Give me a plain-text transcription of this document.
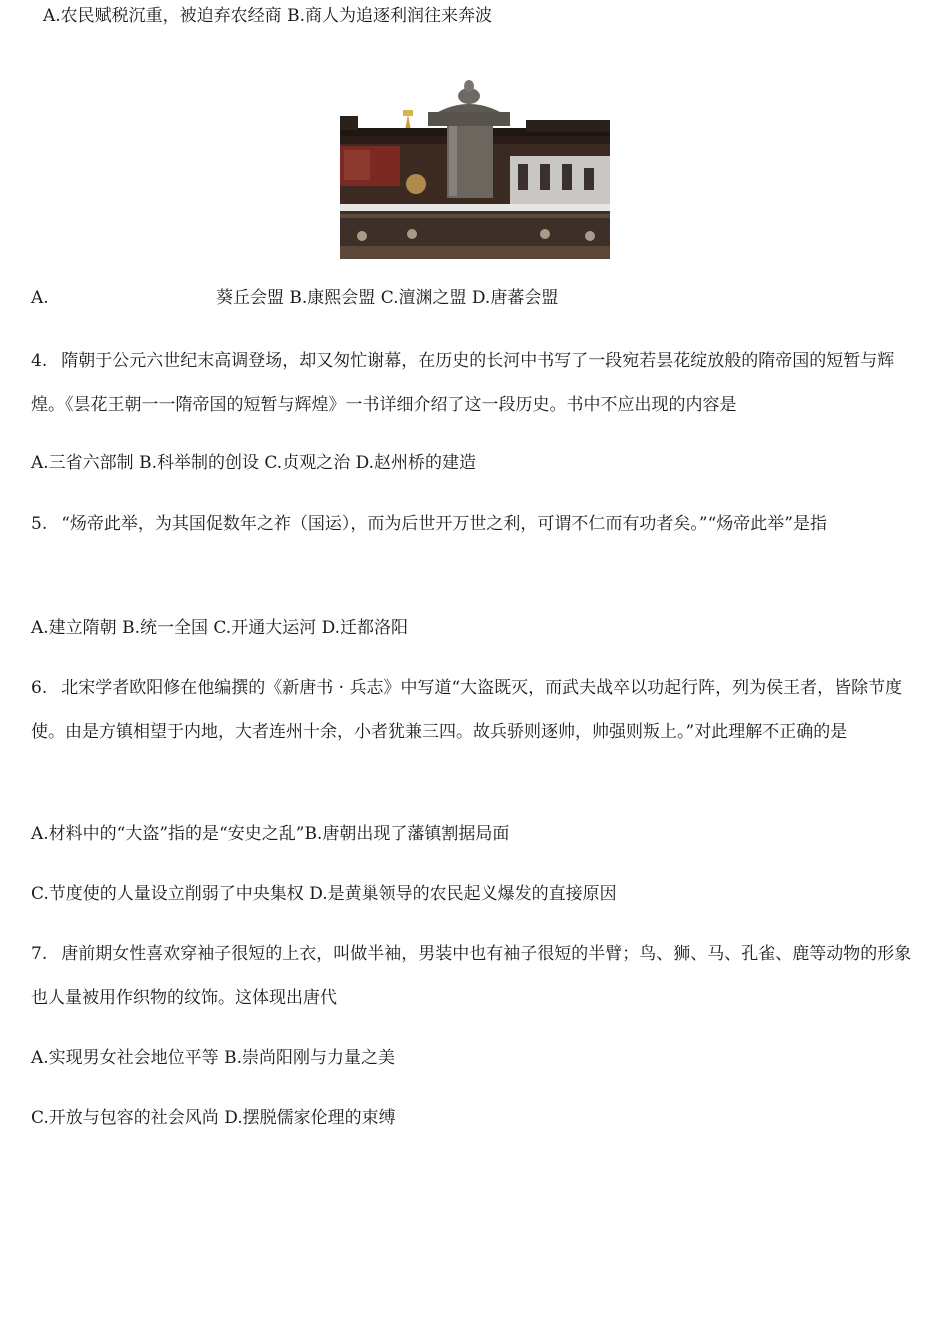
A.农民赋税沉重，被迫弃农经商 B.商人为追逐利润往来奔波
A.	葵丘会盟 B.康熙会盟 C.澶渊之盟 D.唐蕃会盟
4. 隋朝于公元六世纪末高调登场，却又匆忙谢幕，在历史的长河中书写了一段宛若昙花绽放般的隋帝国的短暂与辉煌。《昙花王朝一一隋帝国的短暂与辉煌》一书详细介绍了这一段历史。书中不应出现的内容是
A.三省六部制 B.科举制的创设 C.贞观之治 D.赵州桥的建造
5. “炀帝此举，为其国促数年之祚（国运），而为后世开万世之利，可谓不仁而有功者矣。”“炀帝此举”是指
A.建立隋朝 B.统一全国 C.开通大运河 D.迁都洛阳
6. 北宋学者欧阳修在他编撰的《新唐书 · 兵志》中写道“大盗既灭，而武夫战卒以功起行阵，列为侯王者，皆除节度使。由是方镇相望于内地，大者连州十余，小者犹兼三四。故兵骄则逐帅，帅强则叛上。”对此理解不正确的是
A.材料中的“大盗”指的是“安史之乱”B.唐朝出现了藩镇割据局面
C.节度使的人量设立削弱了中央集权 D.是黄巢领导的农民起义爆发的直接原因
7. 唐前期女性喜欢穿袖子很短的上衣，叫做半袖，男装中也有袖子很短的半臂；鸟、狮、马、孔雀、鹿等动物的形象也人量被用作织物的纹饰。这体现出唐代
A.实现男女社会地位平等 B.崇尚阳刚与力量之美
C.开放与包容的社会风尚 D.摆脱儒家伦理的束缚
